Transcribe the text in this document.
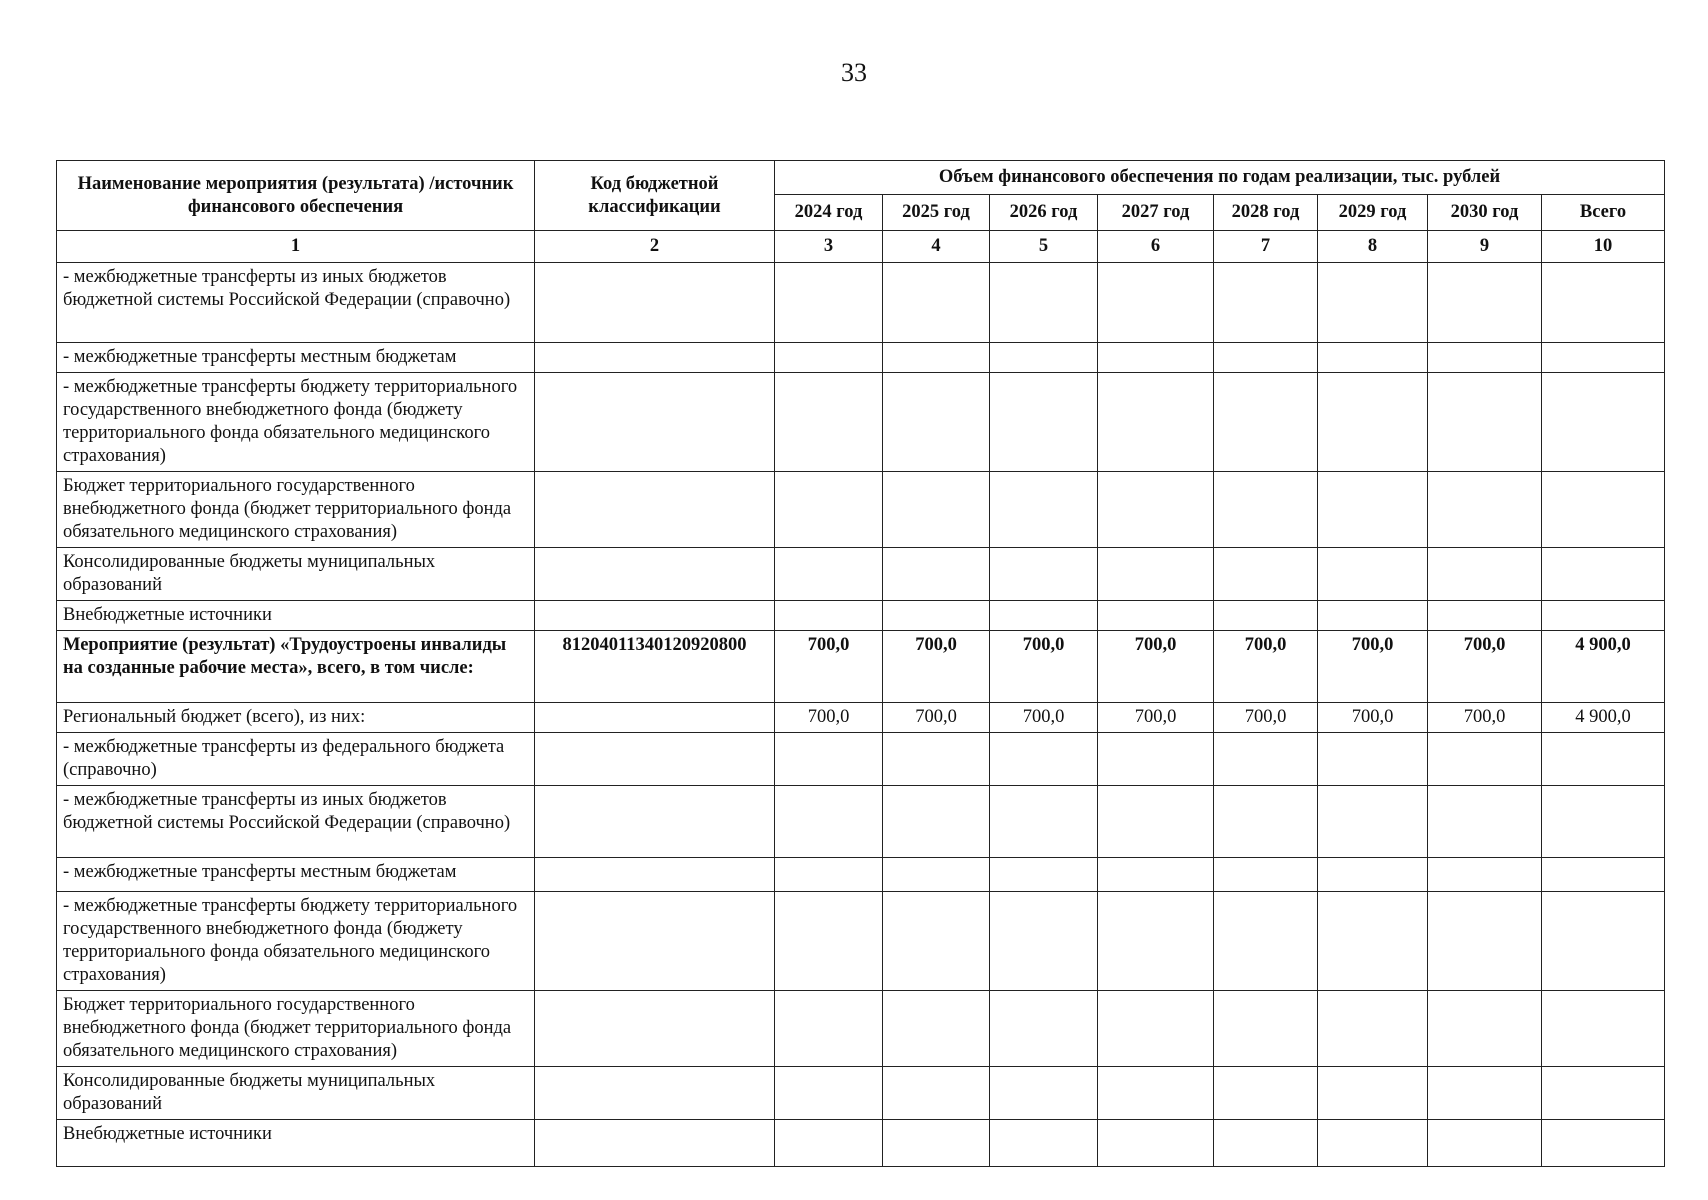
33
Наименование мероприятия (результата) /источник финансового обеспечения	Код бюджетной классификации	Объем финансового обеспечения по годам реализации, тыс. рублей							
		2024 год	2025 год	2026 год	2027 год	2028 год	2029 год	2030 год	Всего
1	2	3	4	5	6	7	8	9	10
- межбюджетные трансферты из иных бюджетов бюджетной системы Российской Федерации (справочно)									
- межбюджетные трансферты местным бюджетам									
- межбюджетные трансферты бюджету территориального государственного внебюджетного фонда (бюджету территориального фонда обязательного медицинского страхования)									
Бюджет территориального государственного внебюджетного фонда (бюджет территориального фонда обязательного медицинского страхования)									
Консолидированные бюджеты муниципальных образований									
Внебюджетные источники									
Мероприятие (результат) «Трудоустроены инвалиды на созданные рабочие места», всего, в том числе:	81204011340120920800	700,0	700,0	700,0	700,0	700,0	700,0	700,0	4 900,0
Региональный бюджет (всего), из них:		700,0	700,0	700,0	700,0	700,0	700,0	700,0	4 900,0
- межбюджетные трансферты из федерального бюджета (справочно)									
- межбюджетные трансферты из иных бюджетов бюджетной системы Российской Федерации (справочно)									
- межбюджетные трансферты местным бюджетам									
- межбюджетные трансферты бюджету территориального государственного внебюджетного фонда (бюджету территориального фонда обязательного медицинского страхования)									
Бюджет территориального государственного внебюджетного фонда (бюджет территориального фонда обязательного медицинского страхования)									
Консолидированные бюджеты муниципальных образований									
Внебюджетные источники									
